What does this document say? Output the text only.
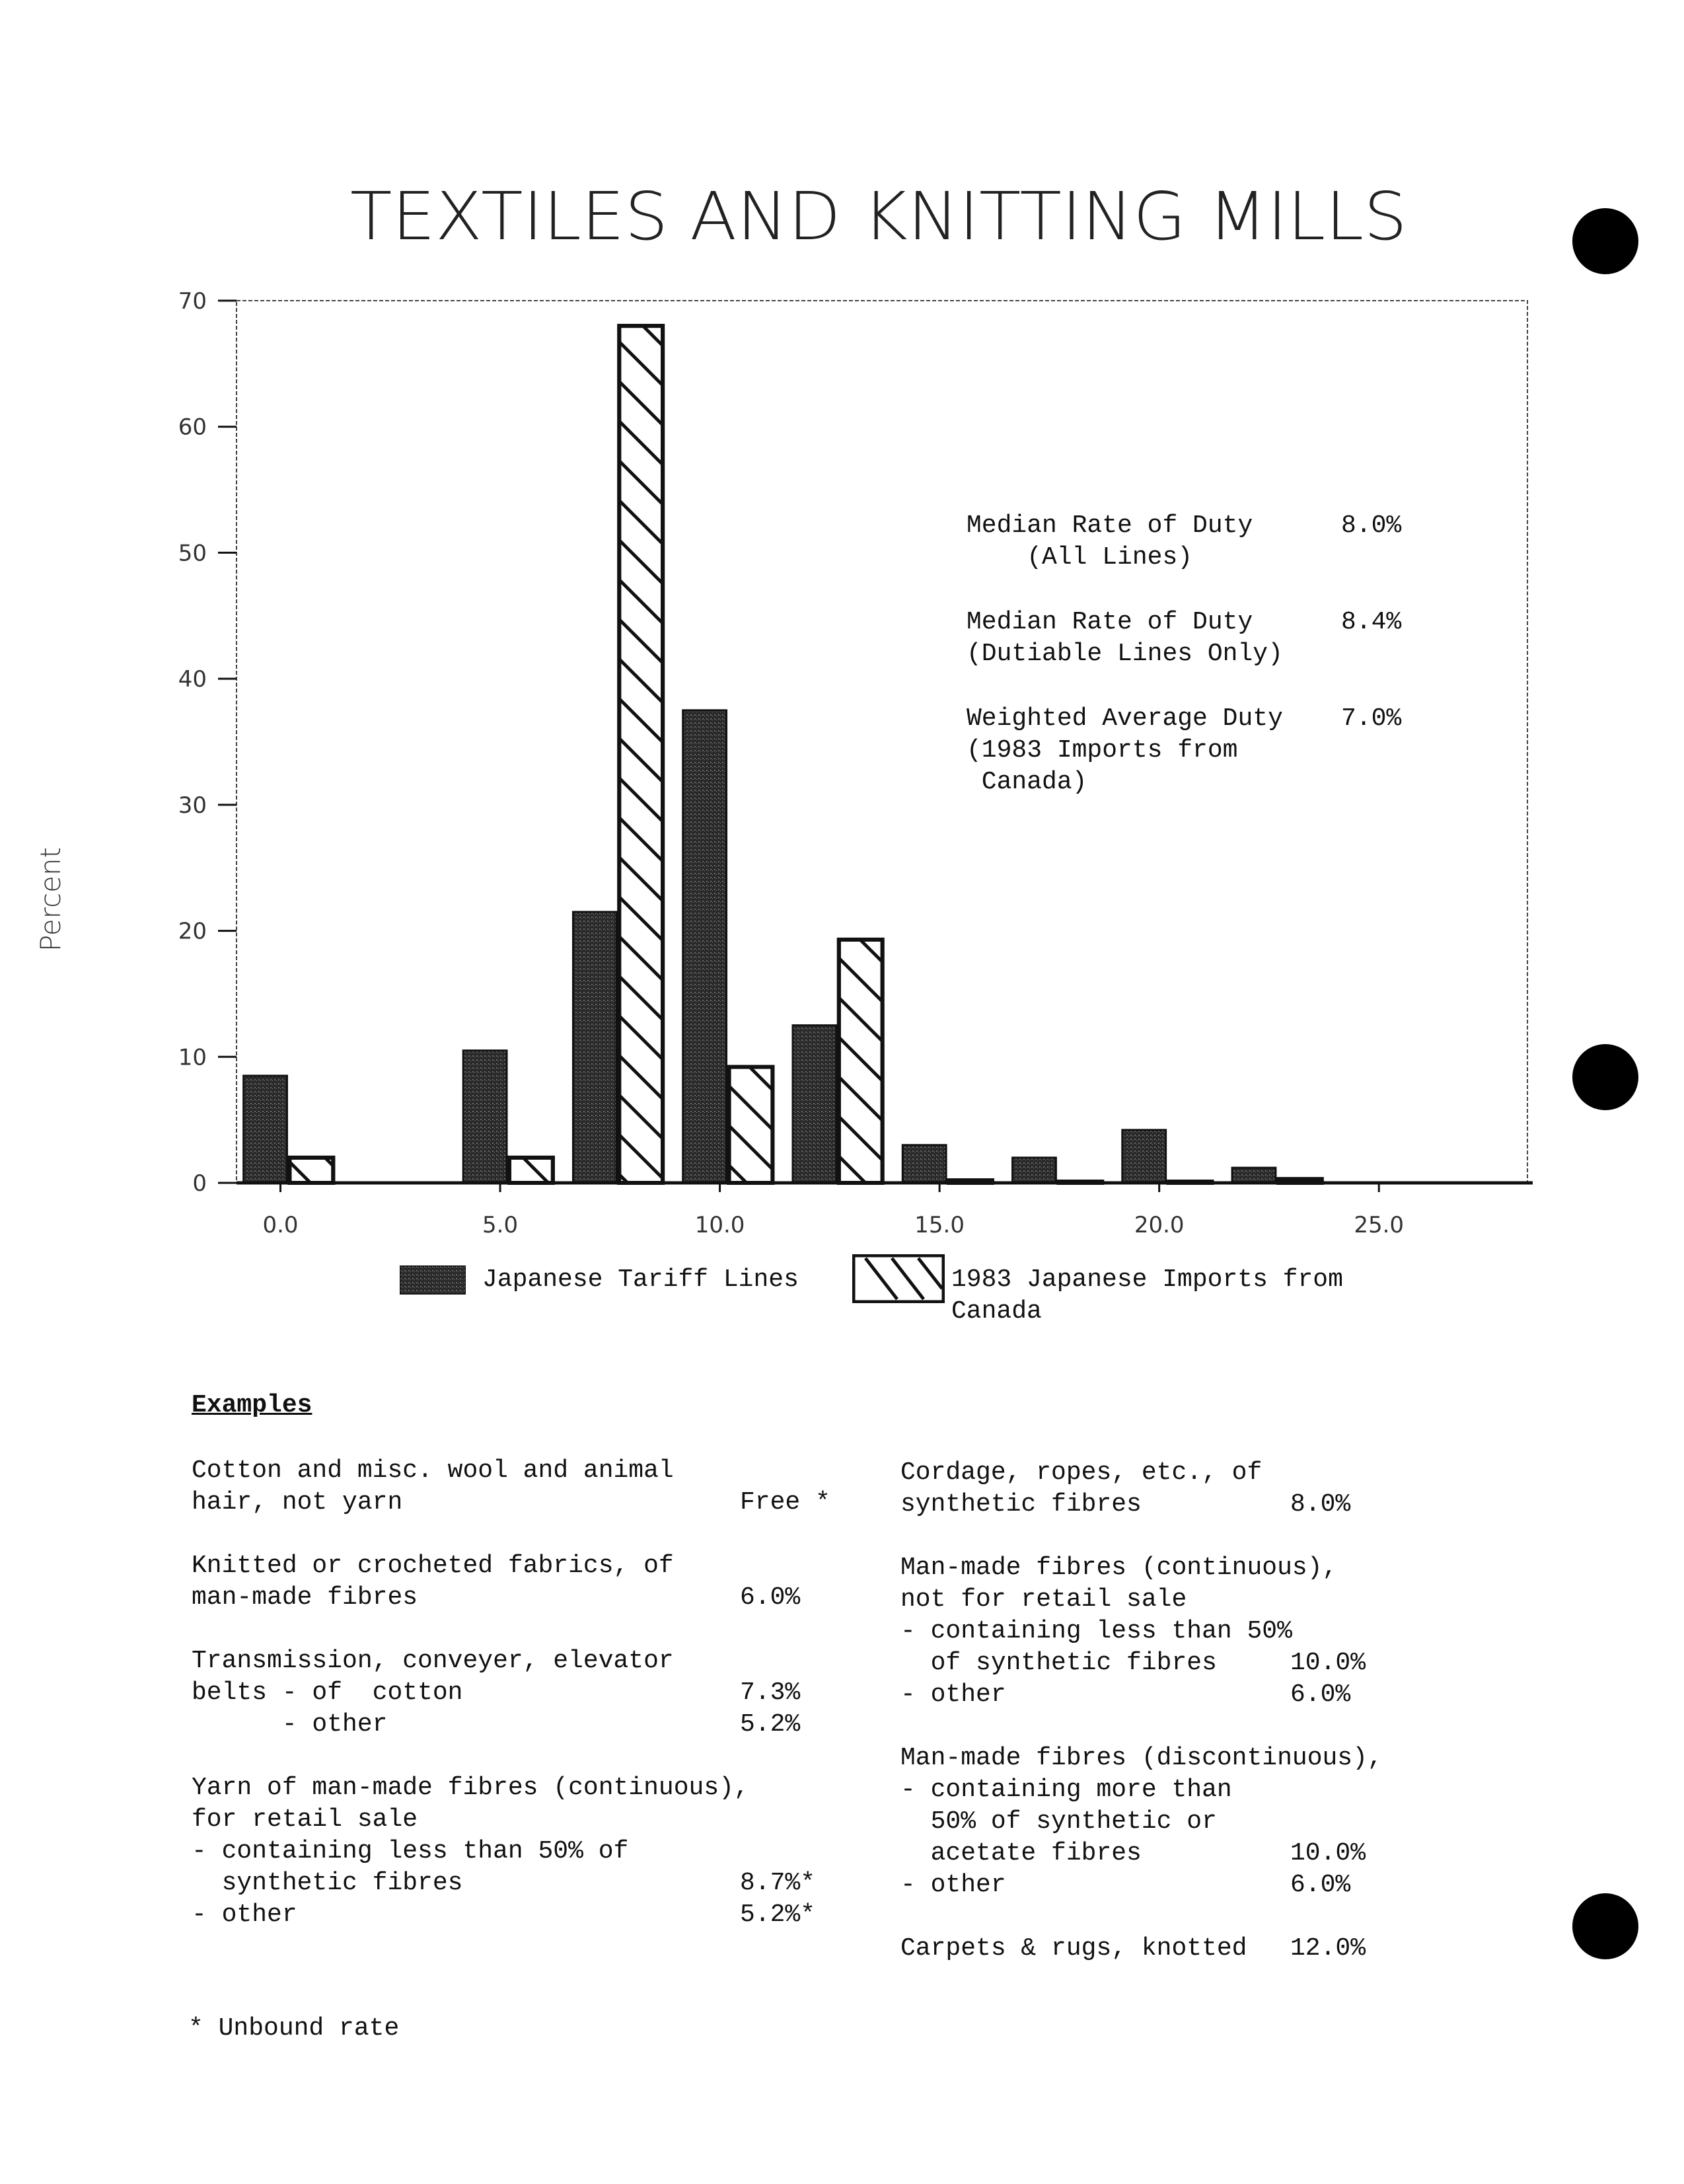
TEXTILES AND KNITTING MILLS
0
10
20
30
40
50
60
70
0.0	5.0	10.0	15.0	20.0	25.0
Percent
Median Rate of Duty
(All Lines)
8.0%
Median Rate of Duty
(Dutiable Lines Only)
8.4%
Weighted Average Duty
(1983 Imports from
Canada)
7.0%
Japanese Tariff Lines	1983 Japanese Imports from
Canada
Examples
Cotton and misc. wool and animal
hair, not yarn	Free *
Knitted or crocheted fabrics, of
man-made fibres	6.0%
Transmission, conveyer, elevator
belts - of  cotton	7.3%
- other	5.2%
Yarn of man-made fibres (continuous),
for retail sale
- containing less than 50% of
synthetic fibres	8.7%*
- other	5.2%*
Cordage, ropes, etc., of
synthetic fibres	8.0%
Man-made fibres (continuous),
not for retail sale
- containing less than 50%
of synthetic fibres	10.0%
- other	6.0%
Man-made fibres (discontinuous),
- containing more than
50% of synthetic or
acetate fibres	10.0%
- other	6.0%
Carpets & rugs, knotted 12.0%
* Unbound rate
